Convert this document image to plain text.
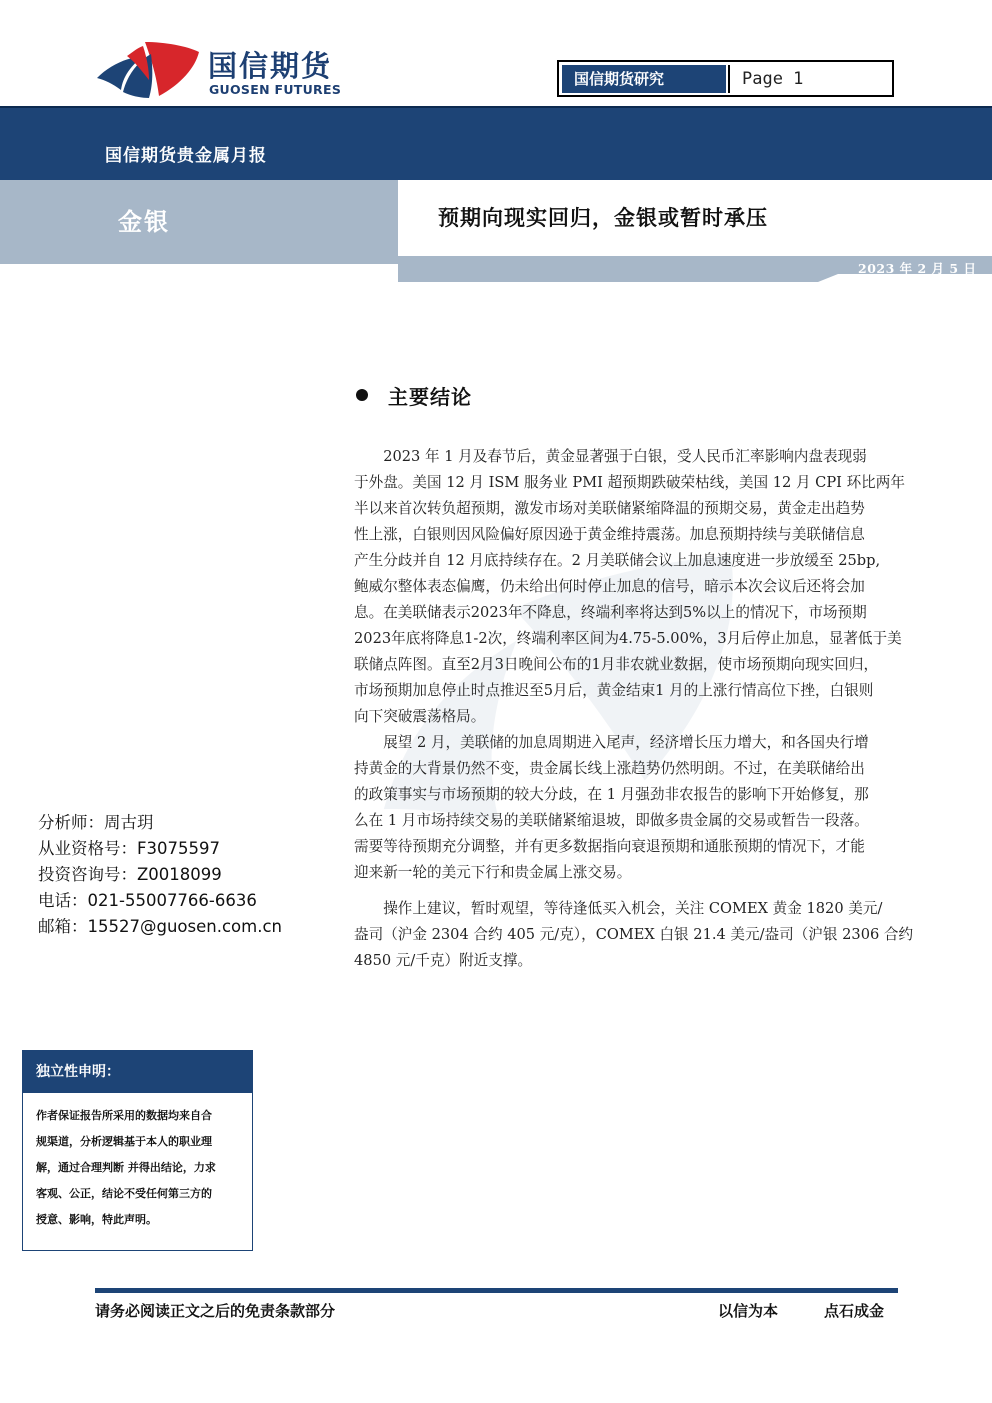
国信期货
GUOSEN FUTURES
国信期货研究	Page 1
国信期货贵金属月报
金银	预期向现实回归，金银或暂时承压
2023 年 2 月 5 日
主要结论
　　2023 年 1 月及春节后，黄金显著强于白银，受人民币汇率影响内盘表现弱
于外盘。美国 12 月 ISM 服务业 PMI 超预期跌破荣枯线，美国 12 月 CPI 环比两年
半以来首次转负超预期，激发市场对美联储紧缩降温的预期交易，黄金走出趋势
性上涨，白银则因风险偏好原因逊于黄金维持震荡。加息预期持续与美联储信息
产生分歧并自 12 月底持续存在。2 月美联储会议上加息速度进一步放缓至 25bp,
鲍威尔整体表态偏鹰，仍未给出何时停止加息的信号，暗示本次会议后还将会加
息。在美联储表示2023年不降息，终端利率将达到5%以上的情况下，市场预期
2023年底将降息1-2次，终端利率区间为4.75-5.00%，3月后停止加息，显著低于美
联储点阵图。直至2月3日晚间公布的1月非农就业数据，使市场预期向现实回归，
市场预期加息停止时点推迟至5月后，黄金结束1 月的上涨行情高位下挫，白银则
向下突破震荡格局。
　　展望 2 月，美联储的加息周期进入尾声，经济增长压力增大，和各国央行增
持黄金的大背景仍然不变，贵金属长线上涨趋势仍然明朗。不过，在美联储给出
的政策事实与市场预期的较大分歧，在 1 月强劲非农报告的影响下开始修复，那
么在 1 月市场持续交易的美联储紧缩退坡，即做多贵金属的交易或暂告一段落。
需要等待预期充分调整，并有更多数据指向衰退预期和通胀预期的情况下，才能
迎来新一轮的美元下行和贵金属上涨交易。
　　操作上建议，暂时观望，等待逢低买入机会，关注 COMEX 黄金 1820 美元/
盎司（沪金 2304 合约 405 元/克），COMEX 白银 21.4 美元/盎司（沪银 2306 合约
4850 元/千克）附近支撑。
分析师：周古玥
从业资格号：F3075597
投资咨询号：Z0018099
电话：021-55007766-6636
邮箱：15527@guosen.com.cn
独立性申明：
作者保证报告所采用的数据均来自合
规渠道，分析逻辑基于本人的职业理
解，通过合理判断 并得出结论，力求
客观、公正，结论不受任何第三方的
授意、影响，特此声明。
请务必阅读正文之后的免责条款部分	以信为本	点石成金
